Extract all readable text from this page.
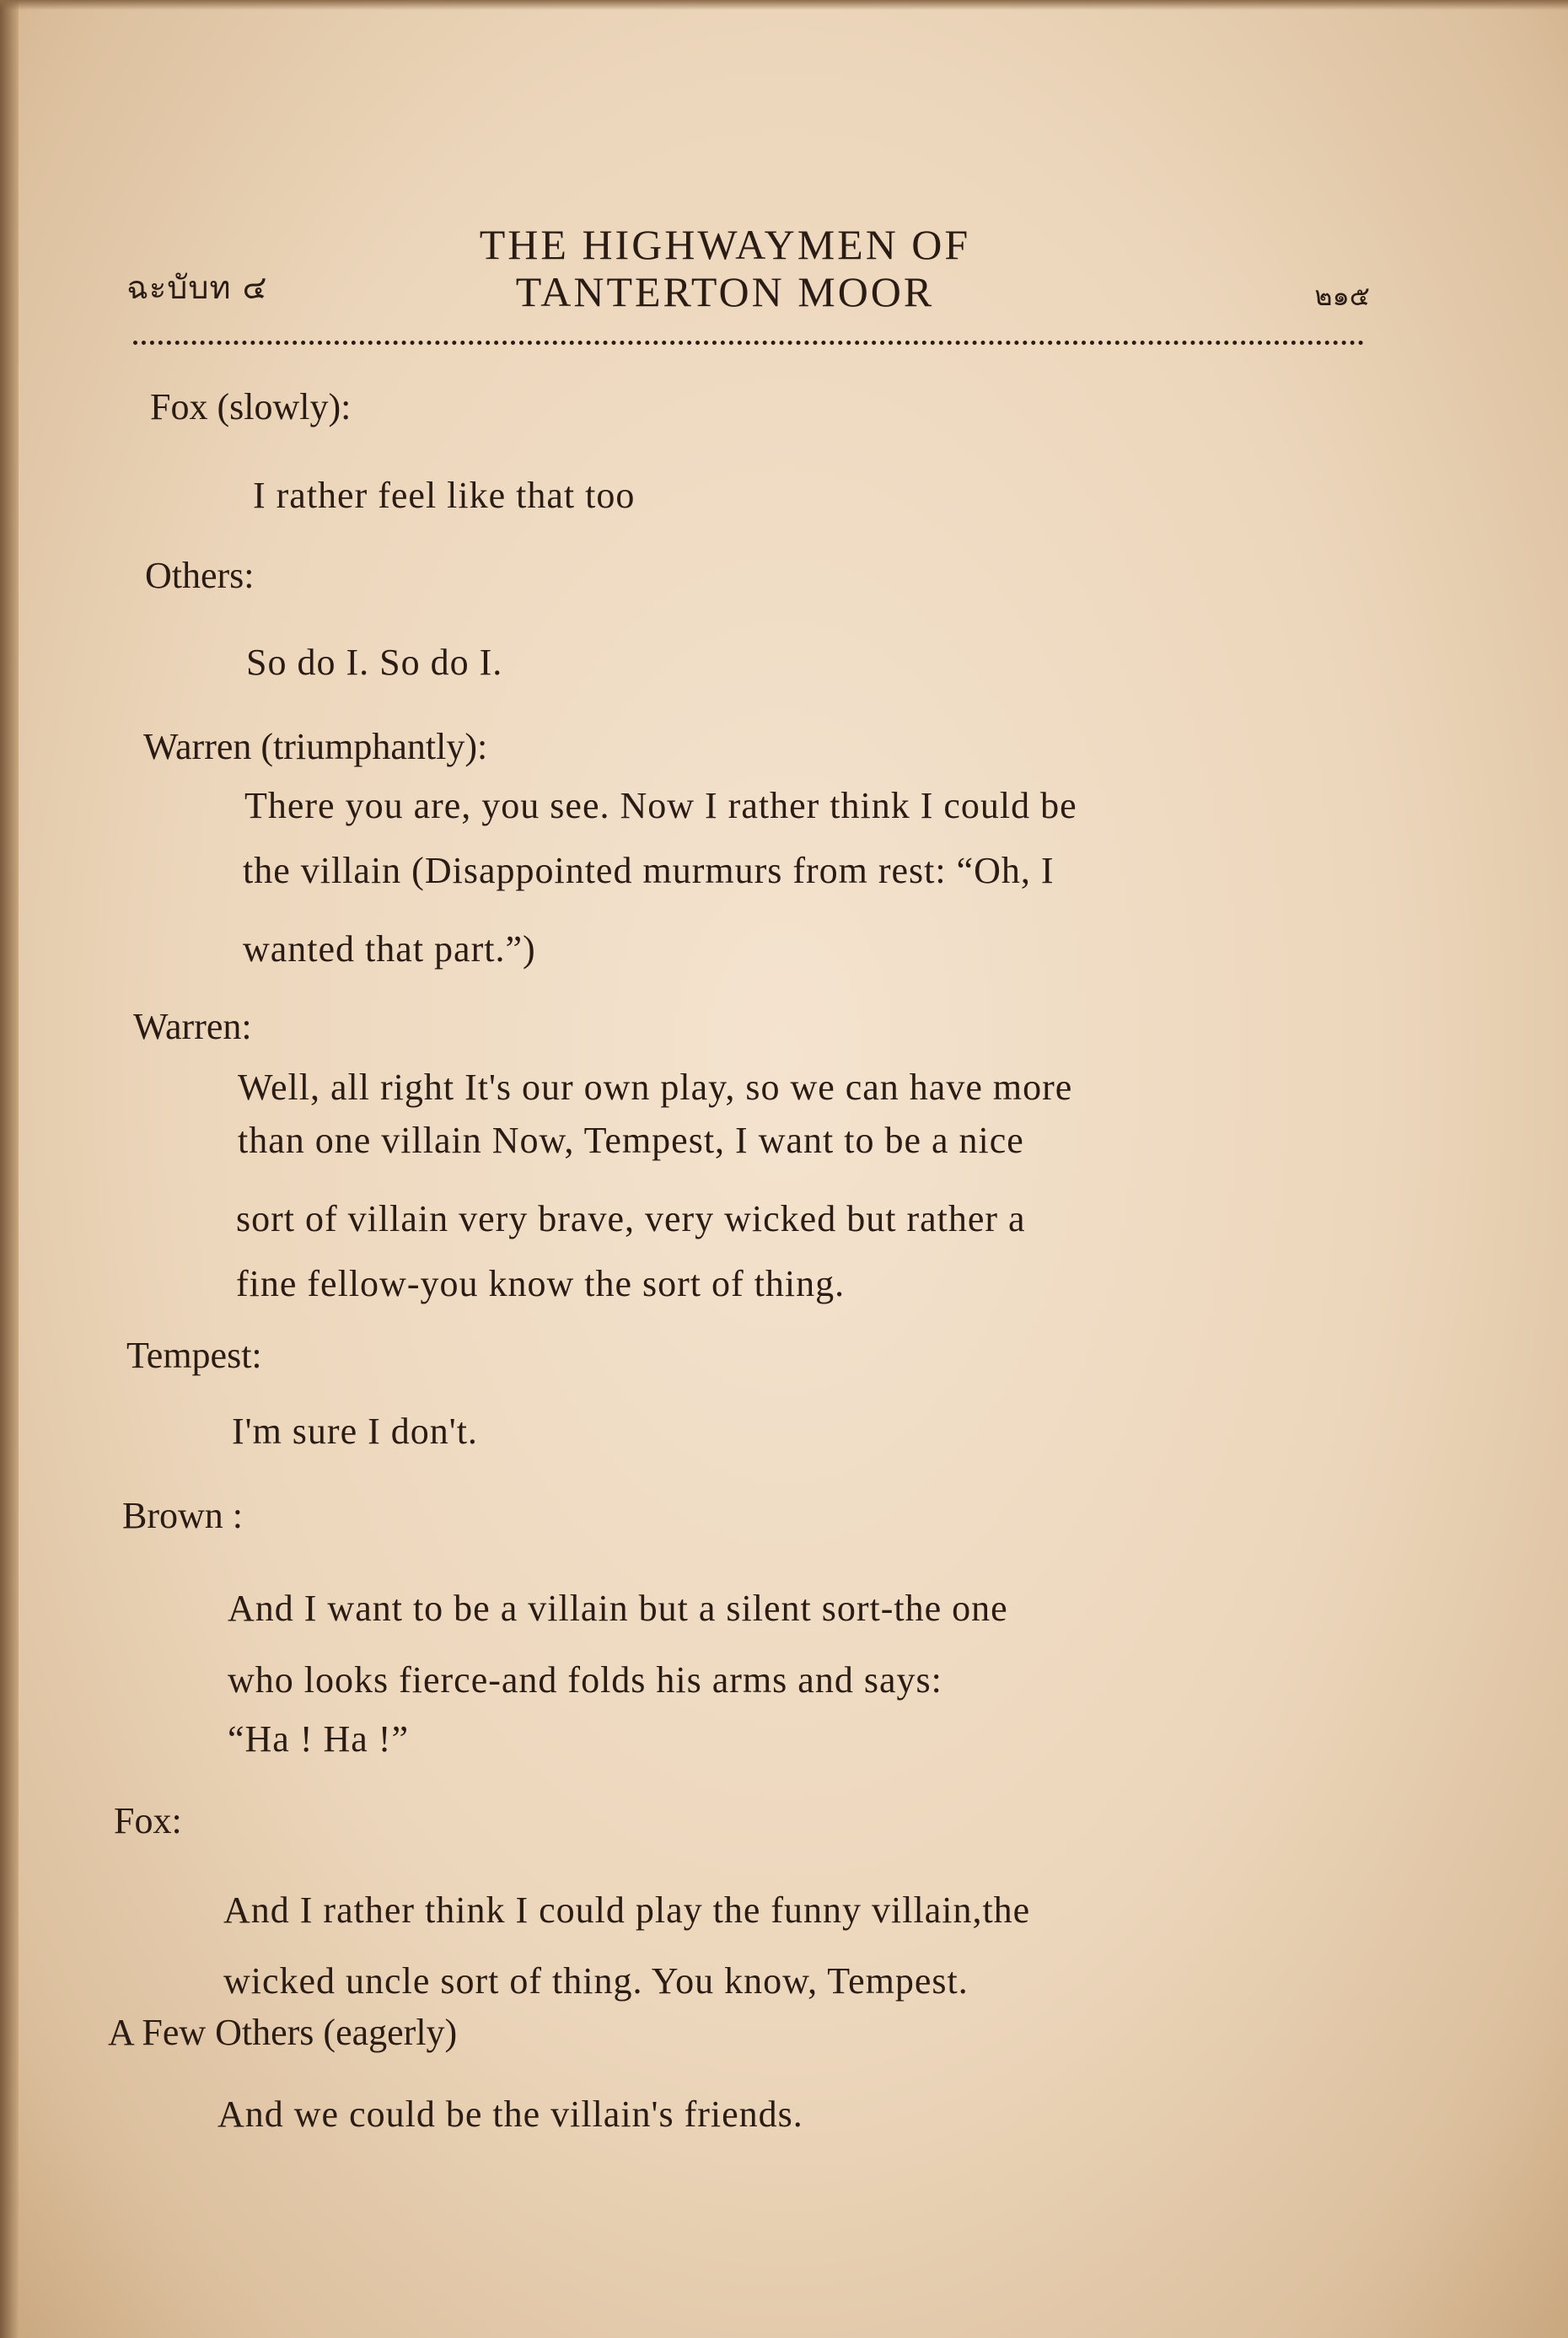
ฉะบับท ๔
THE HIGHWAYMEN OF
TANTERTON MOOR	๒๑๕
Fox (slowly):
I rather feel like that too
Others:
So do I. So do I.
Warren (triumphantly):
There you are, you see. Now I rather think I could be
the villain (Disappointed murmurs from rest: “Oh, I
wanted that part.”)
Warren:
Well, all right It's our own play, so we can have more
than one villain Now, Tempest, I want to be a nice
sort of villain very brave, very wicked but rather a
fine fellow-you know the sort of thing.
Tempest:
I'm sure I don't.
Brown :
And I want to be a villain but a silent sort-the one
who looks fierce-and folds his arms and says:
“Ha ! Ha !”
Fox:
And I rather think I could play the funny villain,the
wicked uncle sort of thing. You know, Tempest.
A Few Others (eagerly)
And we could be the villain's friends.
